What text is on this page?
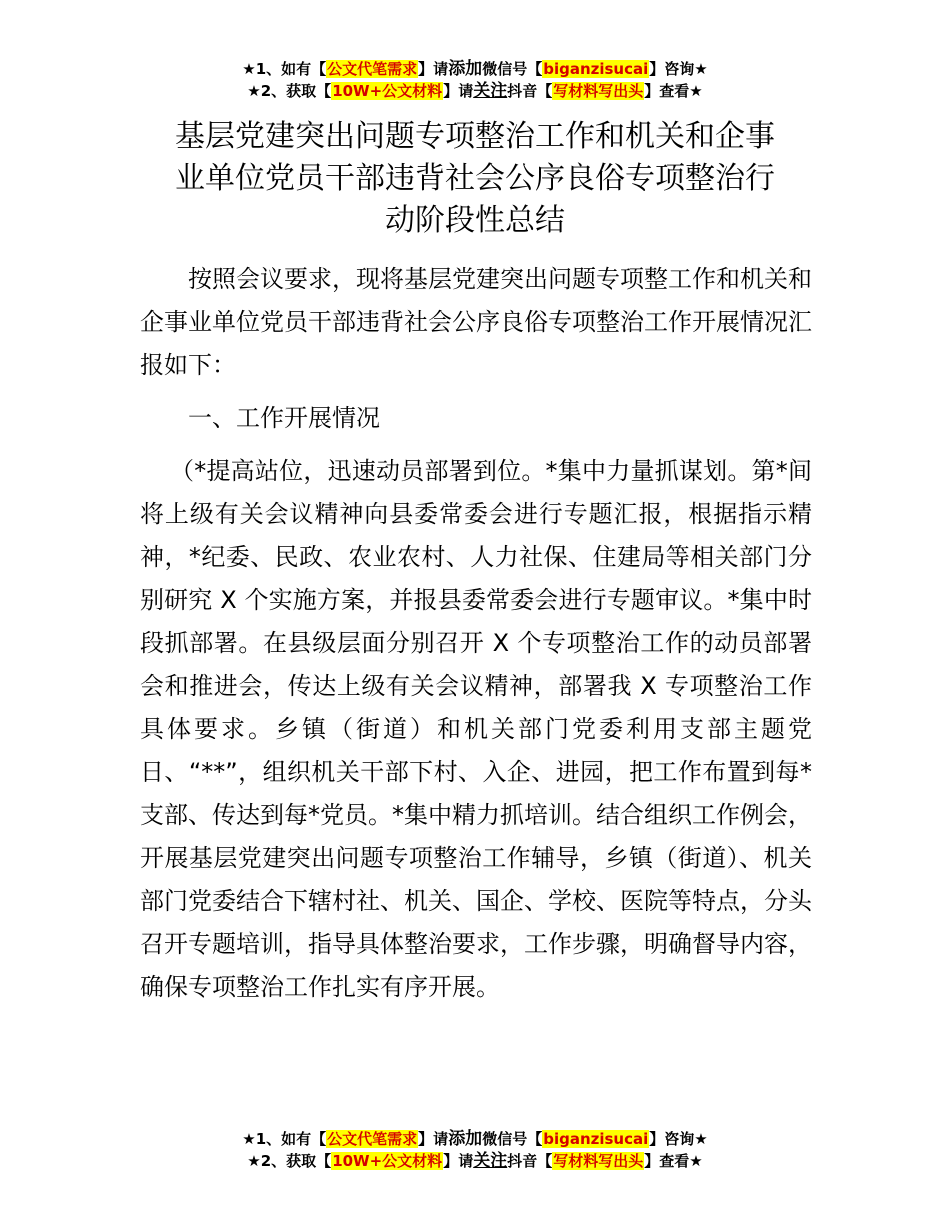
★1、如有【公文代笔需求】请添加微信号【biganzisucai】咨询★
★2、获取【10W+公文材料】请关注抖音【写材料写出头】查看★
基层党建突出问题专项整治工作和机关和企事
业单位党员干部违背社会公序良俗专项整治行
动阶段性总结

按照会议要求，现将基层党建突出问题专项整工作和机关和企事业单位党员干部违背社会公序良俗专项整治工作开展情况汇报如下：

一、工作开展情况

（*提高站位，迅速动员部署到位。*集中力量抓谋划。第*间将上级有关会议精神向县委常委会进行专题汇报，根据指示精神，*纪委、民政、农业农村、人力社保、住建局等相关部门分别研究 X 个实施方案，并报县委常委会进行专题审议。*集中时段抓部署。在县级层面分别召开 X 个专项整治工作的动员部署会和推进会，传达上级有关会议精神，部署我 X 专项整治工作具体要求。乡镇（街道）和机关部门党委利用支部主题党日、“**”，组织机关干部下村、入企、进园，把工作布置到每*支部、传达到每*党员。*集中精力抓培训。结合组织工作例会，开展基层党建突出问题专项整治工作辅导，乡镇（街道）、机关部门党委结合下辖村社、机关、国企、学校、医院等特点，分头召开专题培训，指导具体整治要求，工作步骤，明确督导内容，确保专项整治工作扎实有序开展。

★1、如有【公文代笔需求】请添加微信号【biganzisucai】咨询★
★2、获取【10W+公文材料】请关注抖音【写材料写出头】查看★
